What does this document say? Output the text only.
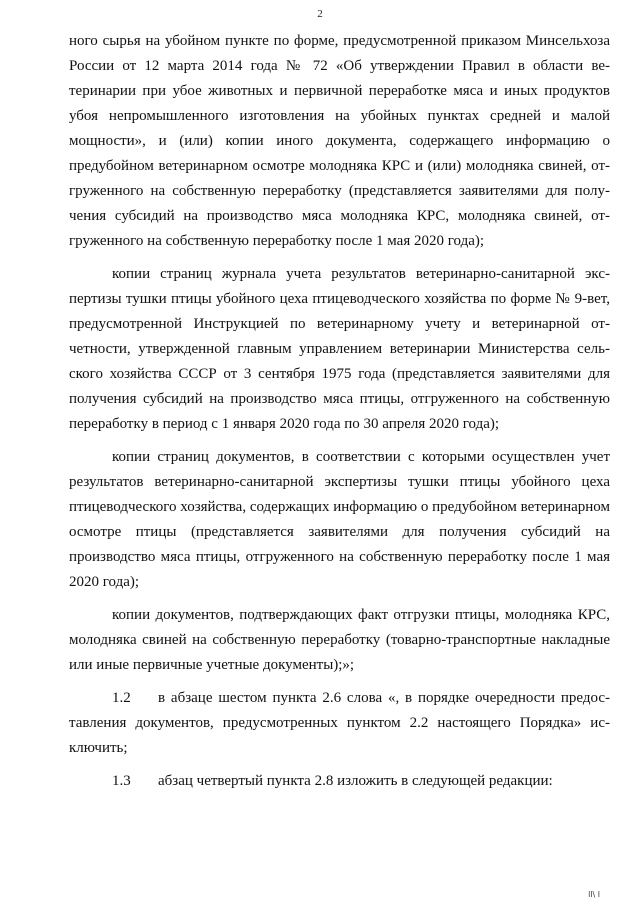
2

ного сырья на убойном пункте по форме, предусмотренной приказом Минсельхоза России от 12 марта 2014 года № 72 «Об утверждении Правил в области ветеринарии при убое животных и первичной переработке мяса и иных продуктов убоя непромышленного изготовления на убойных пунктах средней и малой мощности», и (или) копии иного документа, содержащего информацию о предубойном ветеринарном осмотре молодняка КРС и (или) молодняка свиней, отгруженного на собственную переработку (представляется заявителями для получения субсидий на производство мяса молодняка КРС, молодняка свиней, отгруженного на собственную переработку после 1 мая 2020 года);

копии страниц журнала учета результатов ветеринарно-санитарной экспертизы тушки птицы убойного цеха птицеводческого хозяйства по форме № 9-вет, предусмотренной Инструкцией по ветеринарному учету и ветеринарной отчетности, утвержденной главным управлением ветеринарии Министерства сельского хозяйства СССР от 3 сентября 1975 года (представляется заявителями для получения субсидий на производство мяса птицы, отгруженного на собственную переработку в период с 1 января 2020 года по 30 апреля 2020 года);

копии страниц документов, в соответствии с которыми осуществлен учет результатов ветеринарно-санитарной экспертизы тушки птицы убойного цеха птицеводческого хозяйства, содержащих информацию о предубойном ветеринарном осмотре птицы (представляется заявителями для получения субсидий на производство мяса птицы, отгруженного на собственную переработку после 1 мая 2020 года);

копии документов, подтверждающих факт отгрузки птицы, молодняка КРС, молодняка свиней на собственную переработку (товарно-транспортные накладные или иные первичные учетные документы);»;

1.2 в абзаце шестом пункта 2.6 слова «, в порядке очередности предоставления документов, предусмотренных пунктом 2.2 настоящего Порядка» исключить;

1.3 абзац четвертый пункта 2.8 изложить в следующей редакции:

ll\ l
